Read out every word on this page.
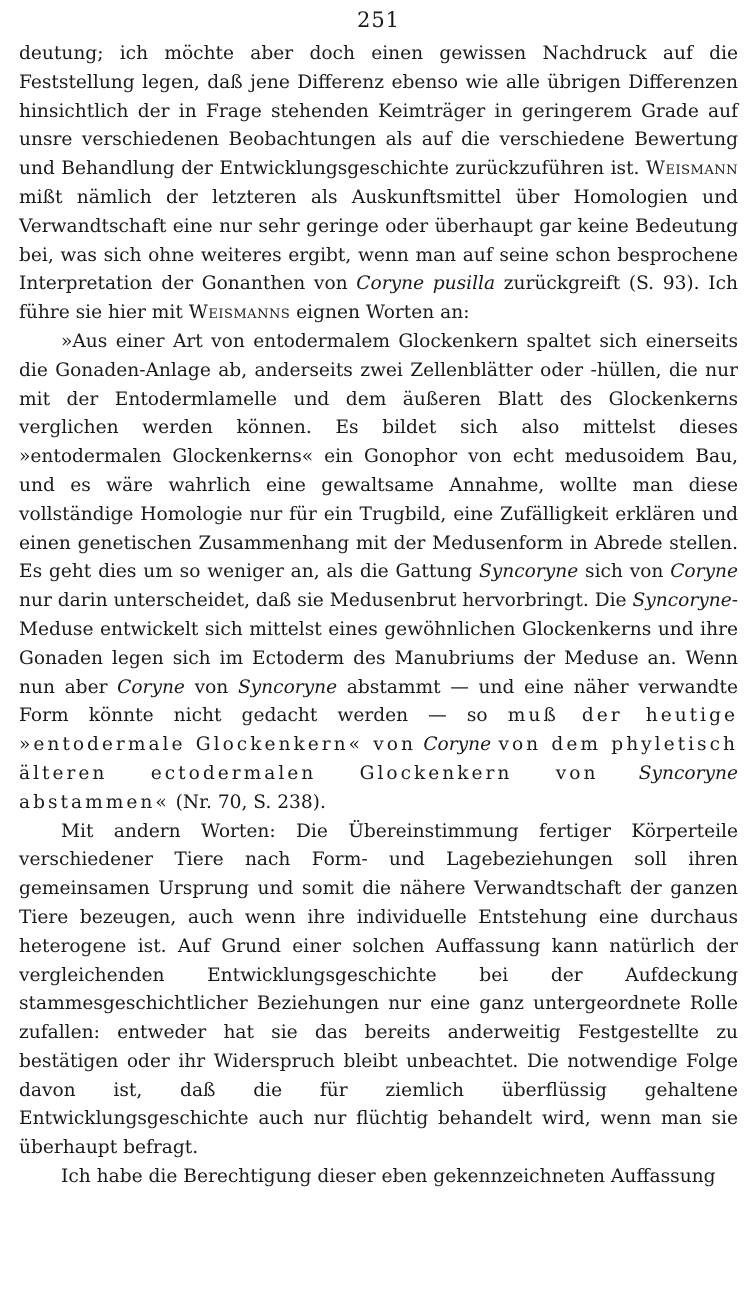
251

deutung; ich möchte aber doch einen gewissen Nachdruck auf die Feststellung legen, daß jene Differenz ebenso wie alle übrigen Differenzen hinsichtlich der in Frage stehenden Keimträger in geringerem Grade auf unsre verschiedenen Beobachtungen als auf die verschiedene Bewertung und Behandlung der Entwicklungsgeschichte zurückzuführen ist. Weismann mißt nämlich der letzteren als Auskunftsmittel über Homologien und Verwandtschaft eine nur sehr geringe oder überhaupt gar keine Bedeutung bei, was sich ohne weiteres ergibt, wenn man auf seine schon besprochene Interpretation der Gonanthen von Coryne pusilla zurückgreift (S. 93). Ich führe sie hier mit Weismanns eignen Worten an:

»Aus einer Art von entodermalem Glockenkern spaltet sich einerseits die Gonaden-Anlage ab, anderseits zwei Zellenblätter oder -hüllen, die nur mit der Entodermlamelle und dem äußeren Blatt des Glockenkerns verglichen werden können. Es bildet sich also mittelst dieses »entodermalen Glockenkerns« ein Gonophor von echt medusoidem Bau, und es wäre wahrlich eine gewaltsame Annahme, wollte man diese vollständige Homologie nur für ein Trugbild, eine Zufälligkeit erklären und einen genetischen Zusammenhang mit der Medusenform in Abrede stellen. Es geht dies um so weniger an, als die Gattung Syncoryne sich von Coryne nur darin unterscheidet, daß sie Medusenbrut hervorbringt. Die Syncoryne-Meduse entwickelt sich mittelst eines gewöhnlichen Glockenkerns und ihre Gonaden legen sich im Ectoderm des Manubriums der Meduse an. Wenn nun aber Coryne von Syncoryne abstammt — und eine näher verwandte Form könnte nicht gedacht werden — so muß der heutige »entodermale Glockenkern« von Coryne von dem phyletisch älteren ectodermalen Glockenkern von Syncoryne abstammen« (Nr. 70, S. 238).

Mit andern Worten: Die Übereinstimmung fertiger Körperteile verschiedener Tiere nach Form- und Lagebeziehungen soll ihren gemeinsamen Ursprung und somit die nähere Verwandtschaft der ganzen Tiere bezeugen, auch wenn ihre individuelle Entstehung eine durchaus heterogene ist. Auf Grund einer solchen Auffassung kann natürlich der vergleichenden Entwicklungsgeschichte bei der Aufdeckung stammesgeschichtlicher Beziehungen nur eine ganz untergeordnete Rolle zufallen: entweder hat sie das bereits anderweitig Festgestellte zu bestätigen oder ihr Widerspruch bleibt unbeachtet. Die notwendige Folge davon ist, daß die für ziemlich überflüssig gehaltene Entwicklungsgeschichte auch nur flüchtig behandelt wird, wenn man sie überhaupt befragt.

Ich habe die Berechtigung dieser eben gekennzeichneten Auffassung
